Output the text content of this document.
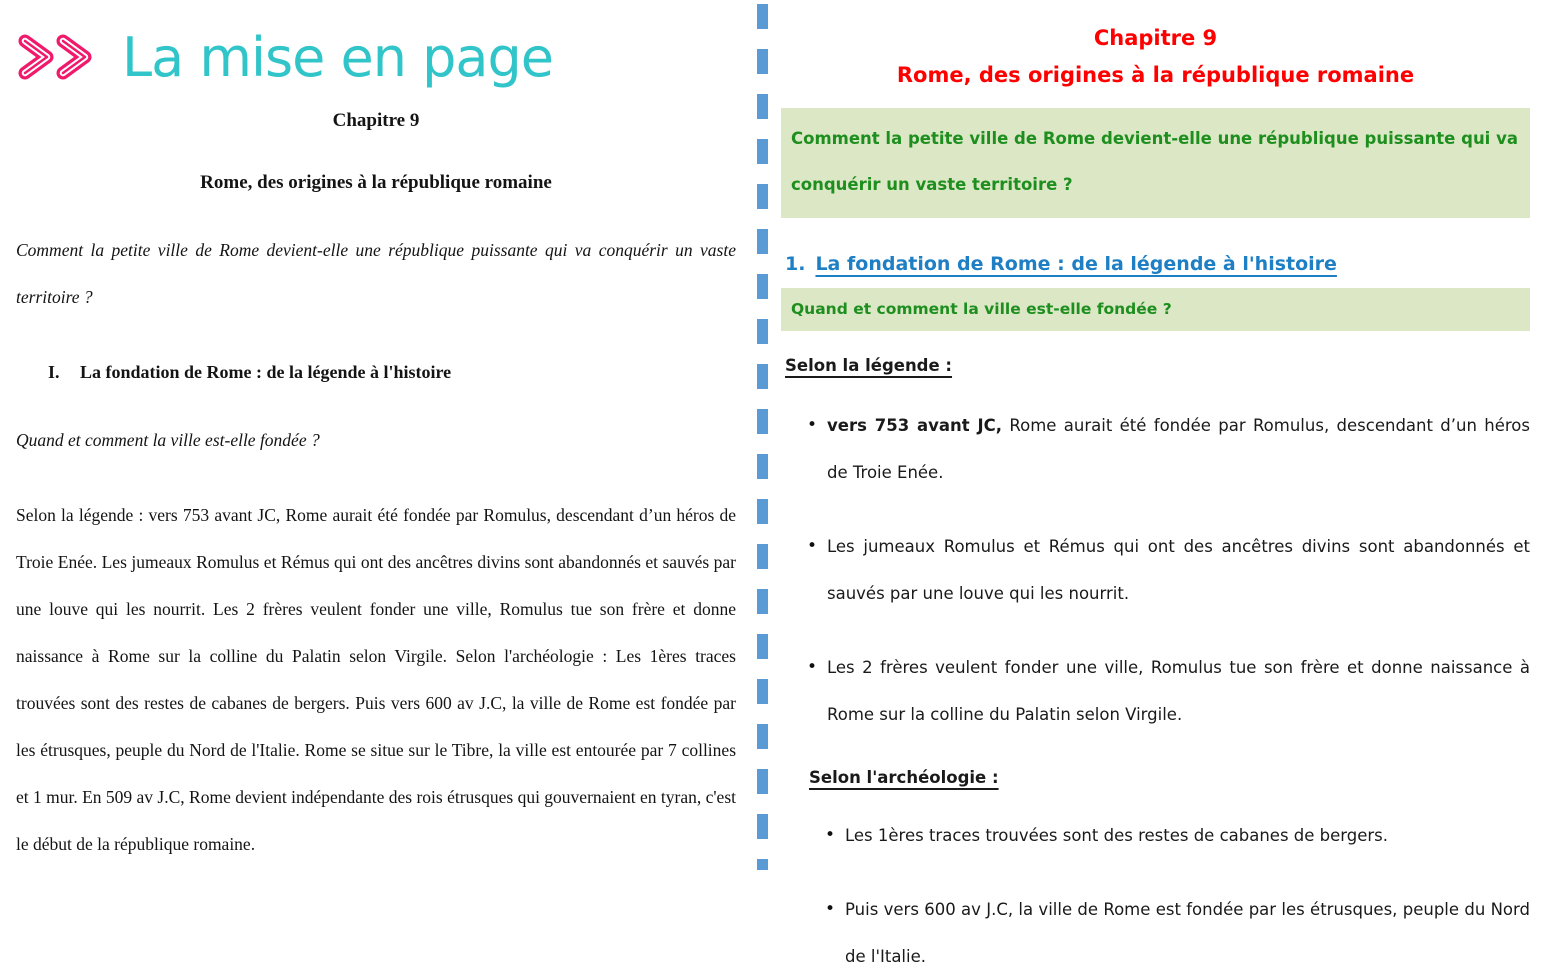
La mise en page

Chapitre 9

Rome, des origines à la république romaine

Comment la petite ville de Rome devient-elle une république puissante qui va conquérir un vaste territoire ?

I.	La fondation de Rome : de la légende à l'histoire

Quand et comment la ville est-elle fondée ?

Selon la légende : vers 753 avant JC, Rome aurait été fondée par Romulus, descendant d’un héros de Troie Enée. Les jumeaux Romulus et Rémus qui ont des ancêtres divins sont abandonnés et sauvés par une louve qui les nourrit. Les 2 frères veulent fonder une ville, Romulus tue son frère et donne naissance à Rome sur la colline du Palatin selon Virgile. Selon l'archéologie : Les 1ères traces trouvées sont des restes de cabanes de bergers. Puis vers 600 av J.C, la ville de Rome est fondée par les étrusques, peuple du Nord de l'Italie. Rome se situe sur le Tibre, la ville est entourée par 7 collines et 1 mur. En 509 av J.C, Rome devient indépendante des rois étrusques qui gouvernaient en tyran, c'est le début de la république romaine.

Chapitre 9

Rome, des origines à la république romaine

Comment la petite ville de Rome devient-elle une république puissante qui va conquérir un vaste territoire ?

1. La fondation de Rome : de la légende à l'histoire

Quand et comment la ville est-elle fondée ?

Selon la légende :

• vers 753 avant JC, Rome aurait été fondée par Romulus, descendant d’un héros de Troie Enée.
• Les jumeaux Romulus et Rémus qui ont des ancêtres divins sont abandonnés et sauvés par une louve qui les nourrit.
• Les 2 frères veulent fonder une ville, Romulus tue son frère et donne naissance à Rome sur la colline du Palatin selon Virgile.

Selon l'archéologie :

• Les 1ères traces trouvées sont des restes de cabanes de bergers.
• Puis vers 600 av J.C, la ville de Rome est fondée par les étrusques, peuple du Nord de l'Italie.
